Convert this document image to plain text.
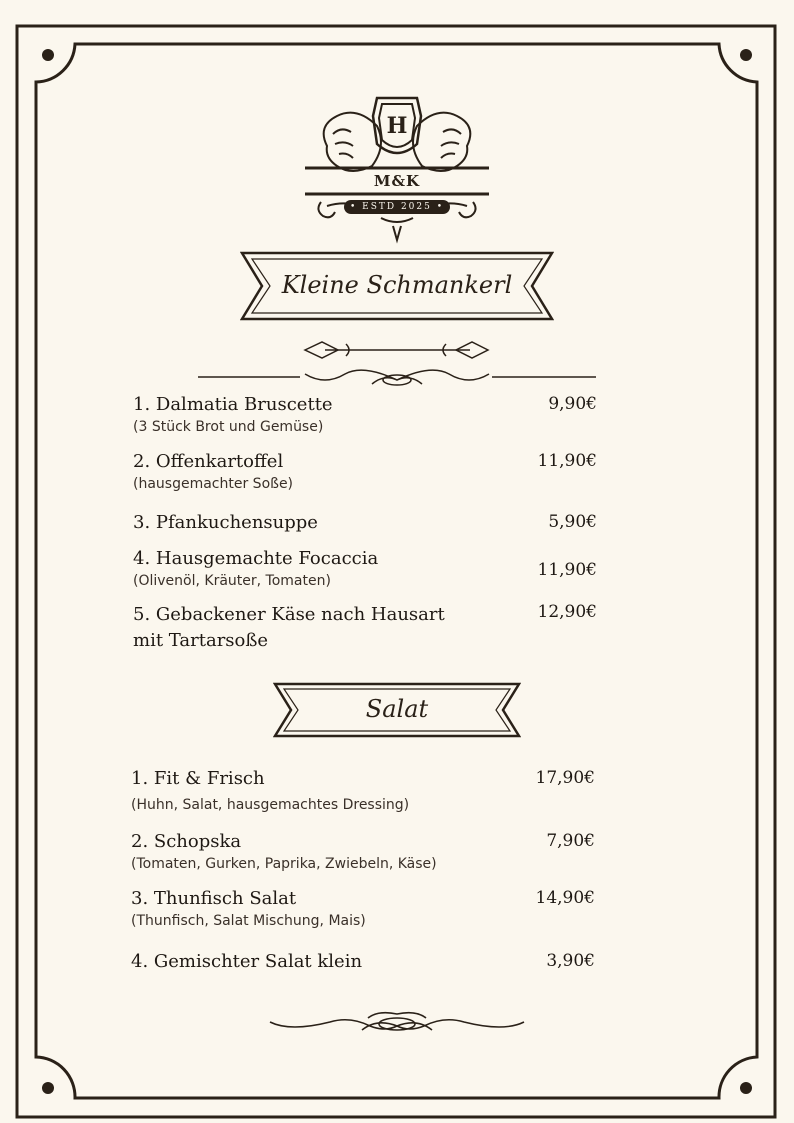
H
M&K
• ESTD 2025 •
Kleine Schmankerl
1. Dalmatia Bruscette
(3 Stück Brot und Gemüse)
9,90€
2. Offenkartoffel
(hausgemachter Soße)
11,90€
3. Pfankuchensuppe	5,90€
4. Hausgemachte Focaccia
(Olivenöl, Kräuter, Tomaten)
11,90€
5. Gebackener Käse nach Hausart mit Tartarsoße
12,90€
Salat
1. Fit & Frisch
(Huhn, Salat, hausgemachtes Dressing)
17,90€
2. Schopska
(Tomaten, Gurken, Paprika, Zwiebeln, Käse)
7,90€
3. Thunfisch Salat
(Thunfisch, Salat Mischung, Mais)
14,90€
4. Gemischter Salat klein	3,90€
